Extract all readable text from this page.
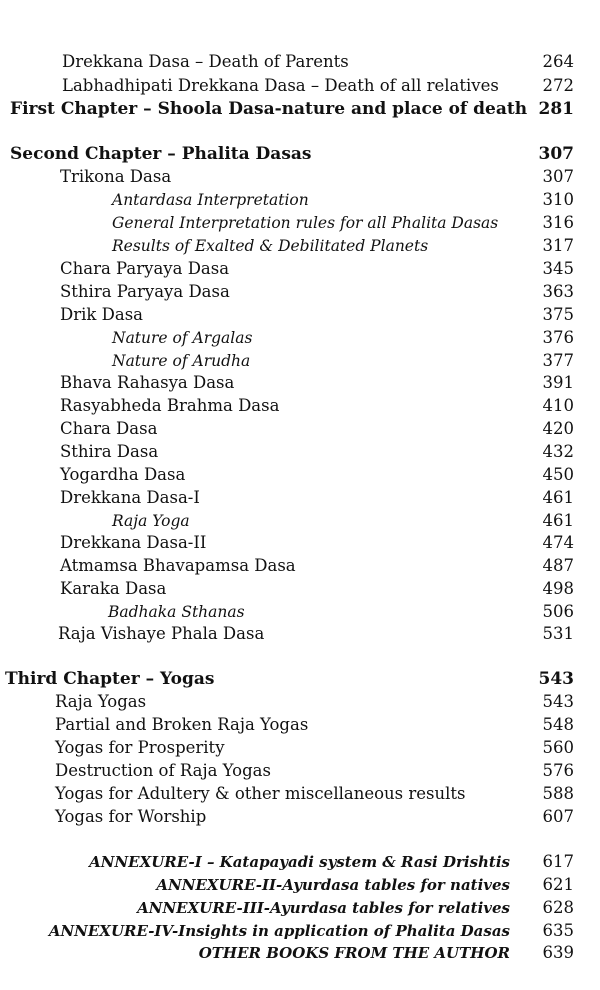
Drekkana Dasa – Death of Parents	264
Labhadhipati Drekkana Dasa – Death of all relatives	272
First Chapter – Shoola Dasa-nature and place of death 281
Second Chapter – Phalita Dasas	307
Trikona Dasa	307
Antardasa Interpretation	310
General Interpretation rules for all Phalita Dasas	316
Results of Exalted & Debilitated Planets	317
Chara Paryaya Dasa	345
Sthira Paryaya Dasa	363
Drik Dasa	375
Nature of Argalas	376
Nature of Arudha	377
Bhava Rahasya Dasa	391
Rasyabheda Brahma Dasa	410
Chara Dasa	420
Sthira Dasa	432
Yogardha Dasa	450
Drekkana Dasa-I	461
Raja Yoga	461
Drekkana Dasa-II	474
Atmamsa Bhavapamsa Dasa	487
Karaka Dasa	498
Badhaka Sthanas	506
Raja Vishaye Phala Dasa	531
Third Chapter – Yogas	543
Raja Yogas	543
Partial and Broken Raja Yogas	548
Yogas for Prosperity	560
Destruction of Raja Yogas	576
Yogas for Adultery & other miscellaneous results	588
Yogas for Worship	607
ANNEXURE-I – Katapayadi system & Rasi Drishtis 617
ANNEXURE-II-Ayurdasa tables for natives 621
ANNEXURE-III-Ayurdasa tables for relatives 628
ANNEXURE-IV-Insights in application of Phalita Dasas 635
OTHER BOOKS FROM THE AUTHOR 639
